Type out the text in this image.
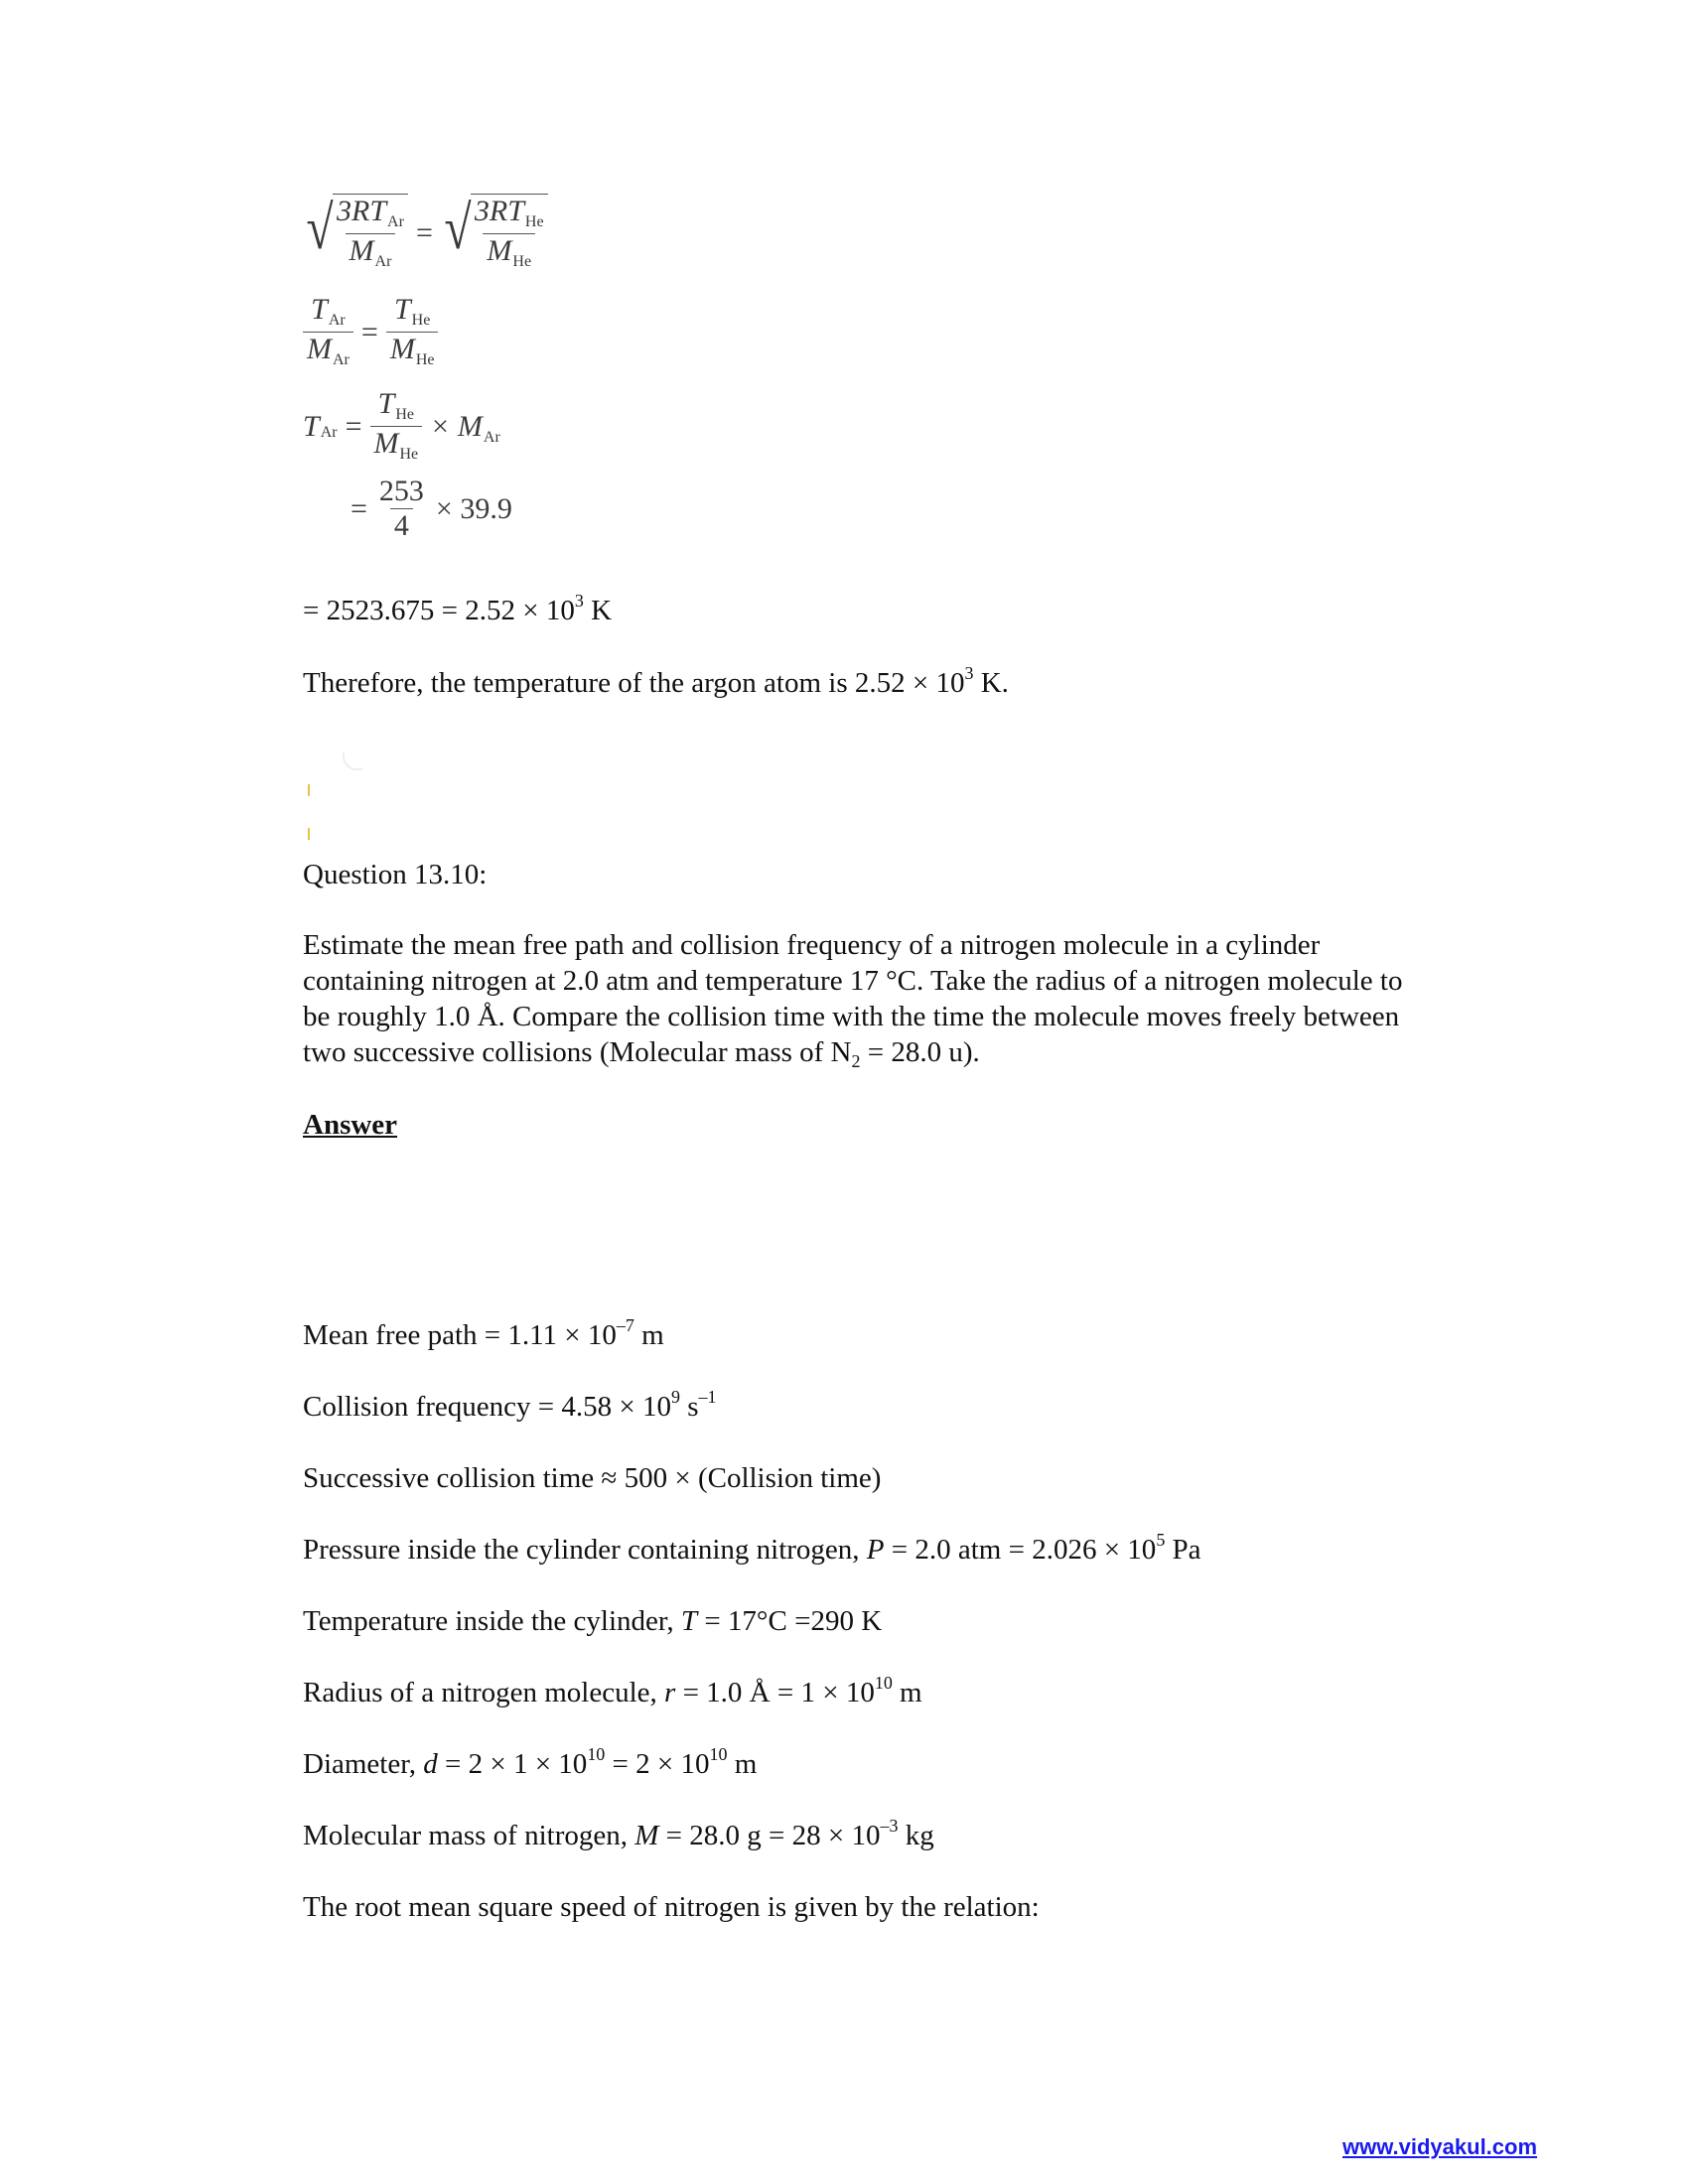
√ $\frac{3RT_{Ar}}{M_{Ar}}$ = √ $\frac{3RT_{He}}{M_{He}}$
$\frac{T_{Ar}}{M_{Ar}} = \frac{T_{He}}{M_{He}}$
T $Ar = \frac{T_{He}}{M_{He}} \times M_{Ar}$
= $\frac{253}{4} \times 39.9$
= $2523.675 = 2.52 \times 10^3$ K
Therefore, the temperature of the argon atom is $2.52 \times 10^3$ K.
Question 13.10:
Estimate the mean free path and collision frequency of a nitrogen molecule in a cylinder containing nitrogen at 2.0 atm and temperature 17 °C. Take the radius of a nitrogen molecule to be roughly 1.0 Å. Compare the collision time with the time the molecule moves freely between two successive collisions (Molecular mass of $N_2 = 28.0$ u).
Answer
Mean free path = $1.11 \times 10^{-7}$ m
Collision frequency = $4.58 \times 10^9$ $s^{-1}$
Successive collision time ≈ 500 × (Collision time)
Pressure inside the cylinder containing nitrogen, P = 2.0 atm = $2.026 \times 10^5$ Pa
Temperature inside the cylinder, T = 17°C =290 K
Radius of a nitrogen molecule, r = 1.0 Å = $1 \times 10^{10}$ m
Diameter, $d = 2 \times 1 \times 10^{10} = 2 \times 10^{10}$ m
Molecular mass of nitrogen, M = 28.0 $g = 28 \times 10^{-3}$ kg
The root mean square speed of nitrogen is given by the relation:
www.vidyakul.com
